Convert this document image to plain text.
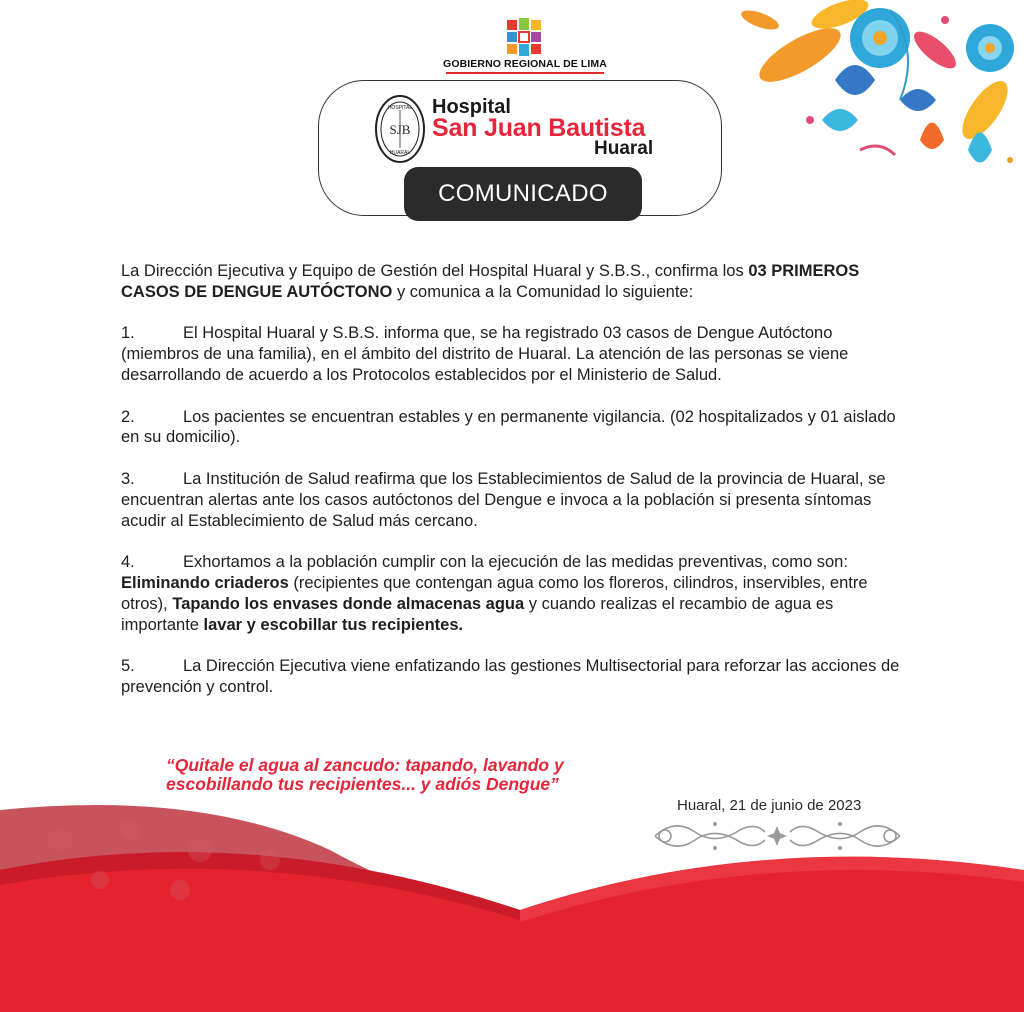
GOBIERNO REGIONAL DE LIMA
HOSPITAL
SJB
HUARAL
Hospital
San Juan Bautista
Huaral
COMUNICADO

La Dirección Ejecutiva y Equipo de Gestión del Hospital Huaral y S.B.S., confirma los 03 PRIMEROS CASOS DE DENGUE AUTÓCTONO y comunica a la Comunidad lo siguiente:

1.	El Hospital Huaral y S.B.S. informa que, se ha registrado 03 casos de Dengue Autóctono (miembros de una familia), en el ámbito del distrito de Huaral. La atención de las personas se viene desarrollando de acuerdo a los Protocolos establecidos por el Ministerio de Salud.

2.	Los pacientes se encuentran estables y en permanente vigilancia. (02 hospitalizados y 01 aislado en su domicilio).

3.	La Institución de Salud reafirma que los Establecimientos de Salud de la provincia de Huaral, se encuentran alertas ante los casos autóctonos del Dengue e invoca a la población si presenta síntomas acudir al Establecimiento de Salud más cercano.

4.	Exhortamos a la población cumplir con la ejecución de las medidas preventivas, como son: Eliminando criaderos (recipientes que contengan agua como los floreros, cilindros, inservibles, entre otros), Tapando los envases donde almacenas agua y cuando realizas el recambio de agua es importante lavar y escobillar tus recipientes.

5.	La Dirección Ejecutiva viene enfatizando las gestiones Multisectorial para reforzar las acciones de prevención y control.

“Quitale el agua al zancudo: tapando, lavando y
escobillando tus recipientes... y adiós Dengue”
Huaral, 21 de junio de 2023
